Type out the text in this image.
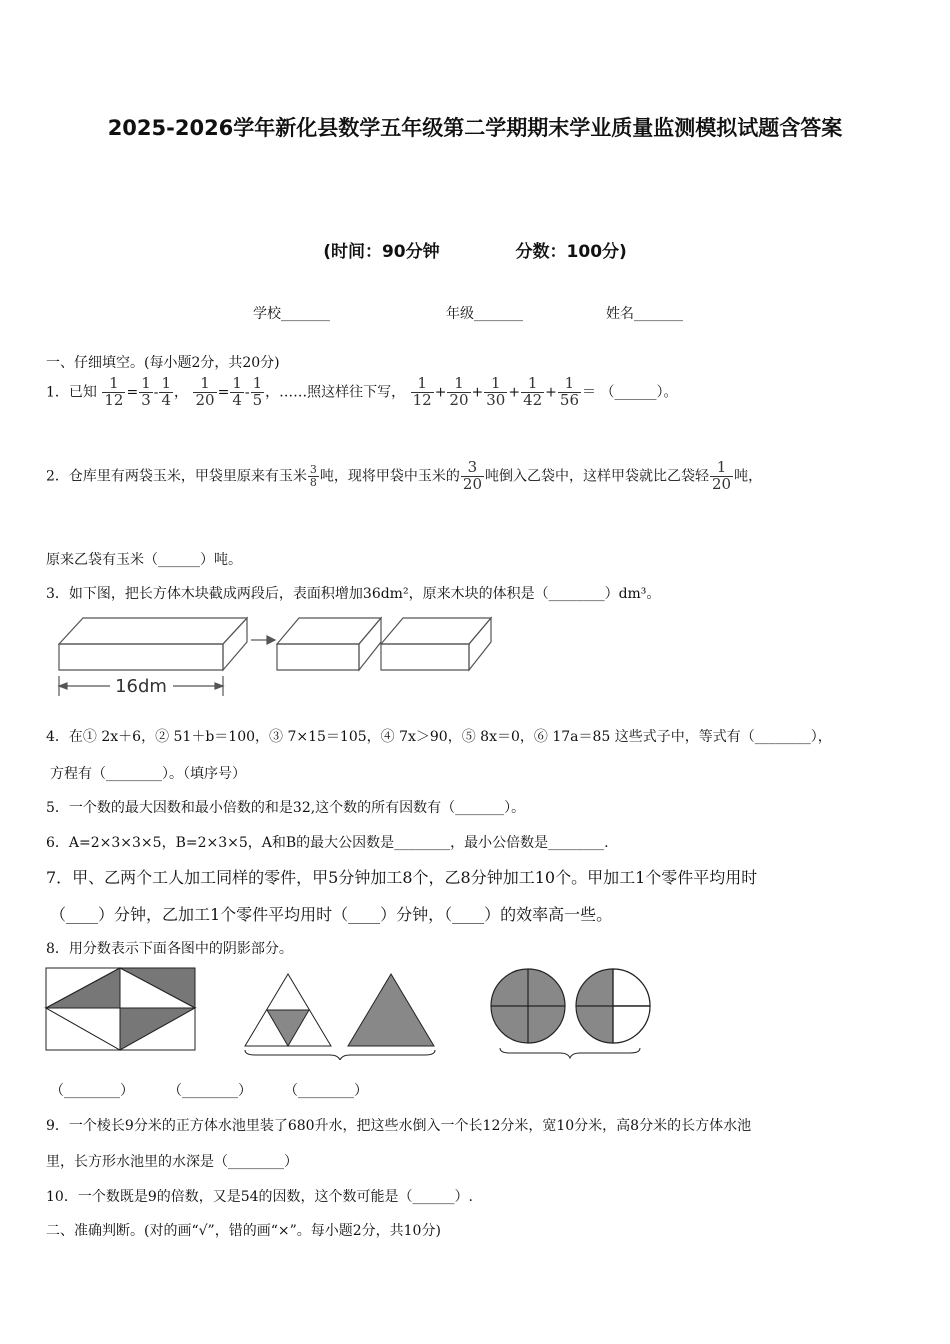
2025-2026学年新化县数学五年级第二学期期末学业质量监测模拟试题含答案
(时间：90分钟	分数：100分)
学校_______	年级_______	姓名_______
一、仔细填空。(每小题2分，共20分)
1．已知 $\frac{1}{12} = \frac{1}{3} - \frac{1}{4}$ ， $\frac{1}{20} = \frac{1}{4} - \frac{1}{5}$ ，……照这样往下写， $\frac{1}{12} + \frac{1}{20} + \frac{1}{30} + \frac{1}{42} + \frac{1}{56}$ ＝ （______）。
2．仓库里有两袋玉米，甲袋里原来有玉米 $\frac{3}{8}$ 吨，现将甲袋中玉米的 $\frac{3}{20}$ 吨倒入乙袋中，这样甲袋就比乙袋轻 $\frac{1}{20}$ 吨，
原来乙袋有玉米（______）吨。
3．如下图，把长方体木块截成两段后，表面积增加36dm²，原来木块的体积是（________）dm³。
16dm
4．在① 2x＋6，② 51＋b＝100，③ 7×15＝105，④ 7x＞90，⑤ 8x＝0，⑥ 17a＝85 这些式子中，等式有（________），
方程有（________）。（填序号）
5．一个数的最大因数和最小倍数的和是32,这个数的所有因数有（_______）。
6．A=2×3×3×5，B=2×3×5，A和B的最大公因数是________，最小公倍数是________.
7．甲、乙两个工人加工同样的零件，甲5分钟加工8个，乙8分钟加工10个。甲加工1个零件平均用时
（____）分钟，乙加工1个零件平均用时（____）分钟，（____）的效率高一些。
8．用分数表示下面各图中的阴影部分。
（________） （________） （________）
9．一个棱长9分米的正方体水池里装了680升水，把这些水倒入一个长12分米，宽10分米，高8分米的长方体水池
里，长方形水池里的水深是（________）
10．一个数既是9的倍数，又是54的因数，这个数可能是（______）.
二、准确判断。(对的画“√”，错的画“×”。每小题2分，共10分)
